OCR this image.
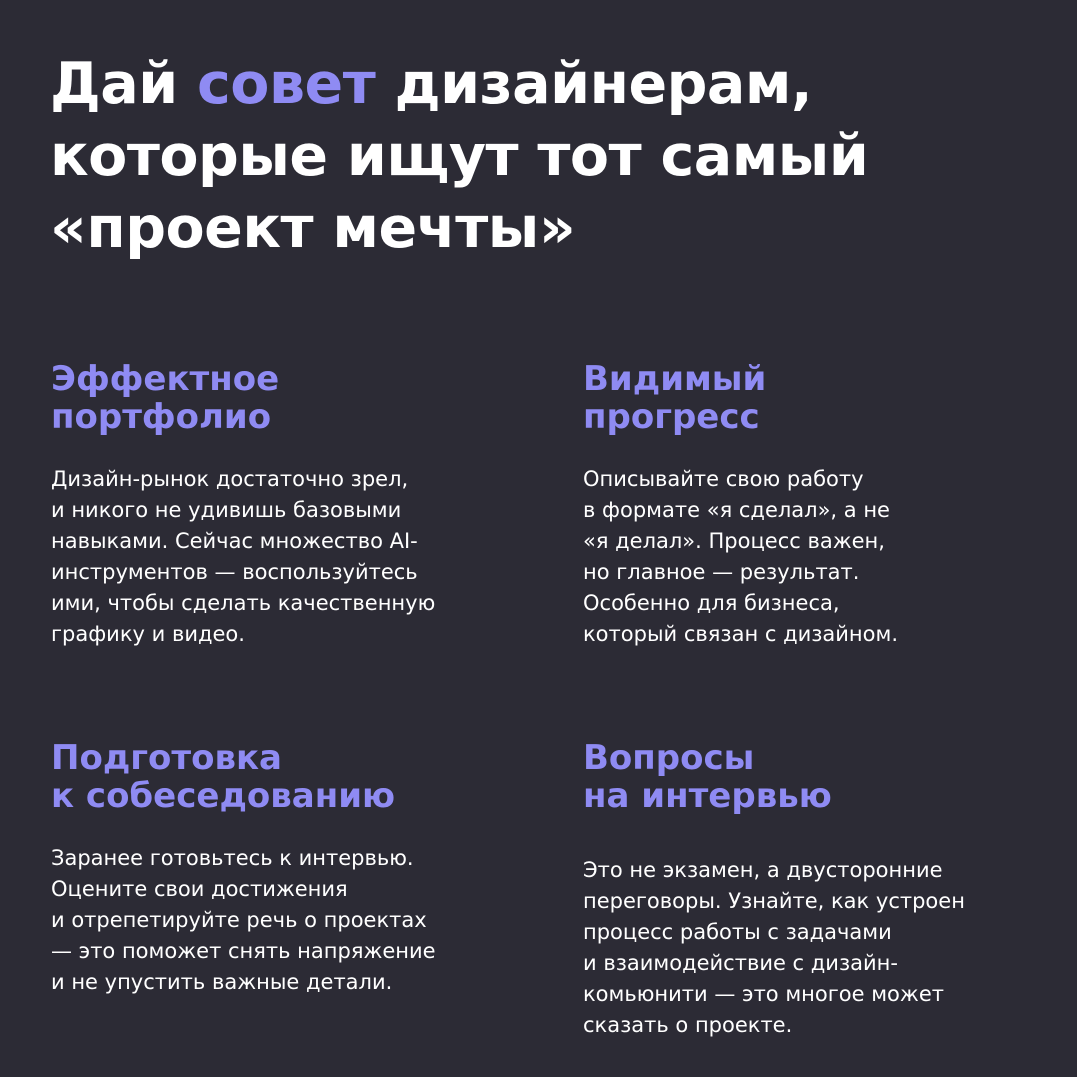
Дай совет дизайнерам,
которые ищут тот самый
«проект мечты»
Эффектное
портфолио
Дизайн-рынок достаточно зрел,
и никого не удивишь базовыми
навыками. Сейчас множество AI-
инструментов — воспользуйтесь
ими, чтобы сделать качественную
графику и видео.
Видимый
прогресс
Описывайте свою работу
в формате «я сделал», а не
«я делал». Процесс важен,
но главное — результат.
Особенно для бизнеса,
который связан с дизайном.
Подготовка
к собеседованию
Заранее готовьтесь к интервью.
Оцените свои достижения
и отрепетируйте речь о проектах
— это поможет снять напряжение
и не упустить важные детали.
Вопросы
на интервью
Это не экзамен, а двусторонние
переговоры. Узнайте, как устроен
процесс работы с задачами
и взаимодействие с дизайн-
комьюнити — это многое может
сказать о проекте.
